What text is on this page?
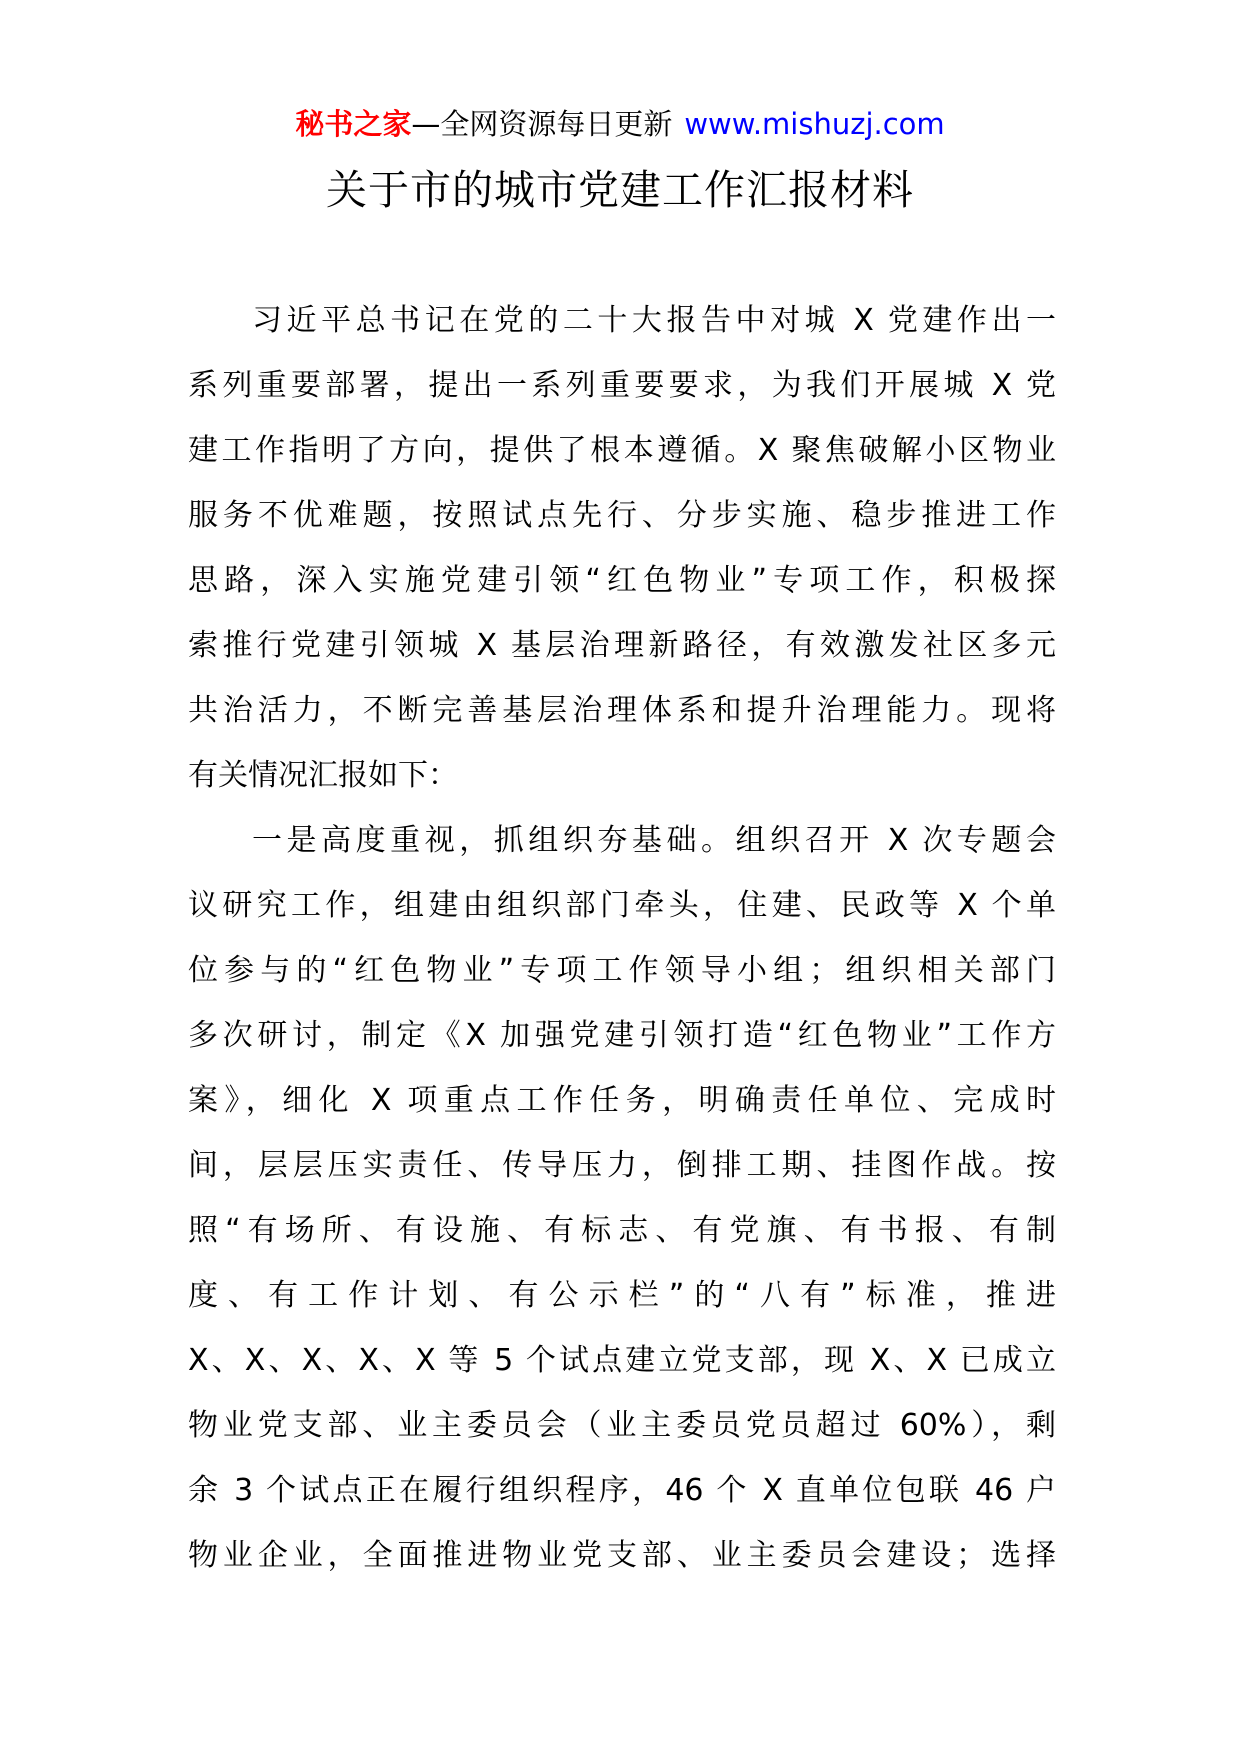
秘书之家—全网资源每日更新 www.mishuzj.com
关于市的城市党建工作汇报材料
习近平总书记在党的二十大报告中对城 X 党建作出一
系列重要部署，提出一系列重要要求，为我们开展城 X 党
建工作指明了方向，提供了根本遵循。X 聚焦破解小区物业
服务不优难题，按照试点先行、分步实施、稳步推进工作
思路，深入实施党建引领“红色物业”专项工作，积极探
索推行党建引领城 X 基层治理新路径，有效激发社区多元
共治活力，不断完善基层治理体系和提升治理能力。现将
有关情况汇报如下：
一是高度重视，抓组织夯基础。组织召开 X 次专题会
议研究工作，组建由组织部门牵头，住建、民政等 X 个单
位参与的“红色物业”专项工作领导小组；组织相关部门
多次研讨，制定《X 加强党建引领打造“红色物业”工作方
案》，细化 X 项重点工作任务，明确责任单位、完成时
间，层层压实责任、传导压力，倒排工期、挂图作战。按
照“有场所、有设施、有标志、有党旗、有书报、有制
度、有工作计划、有公示栏”的“八有”标准，推进
X、X、X、X、X 等 5 个试点建立党支部，现 X、X 已成立
物业党支部、业主委员会（业主委员党员超过 60%），剩
余 3 个试点正在履行组织程序，46 个 X 直单位包联 46 户
物业企业，全面推进物业党支部、业主委员会建设；选择
